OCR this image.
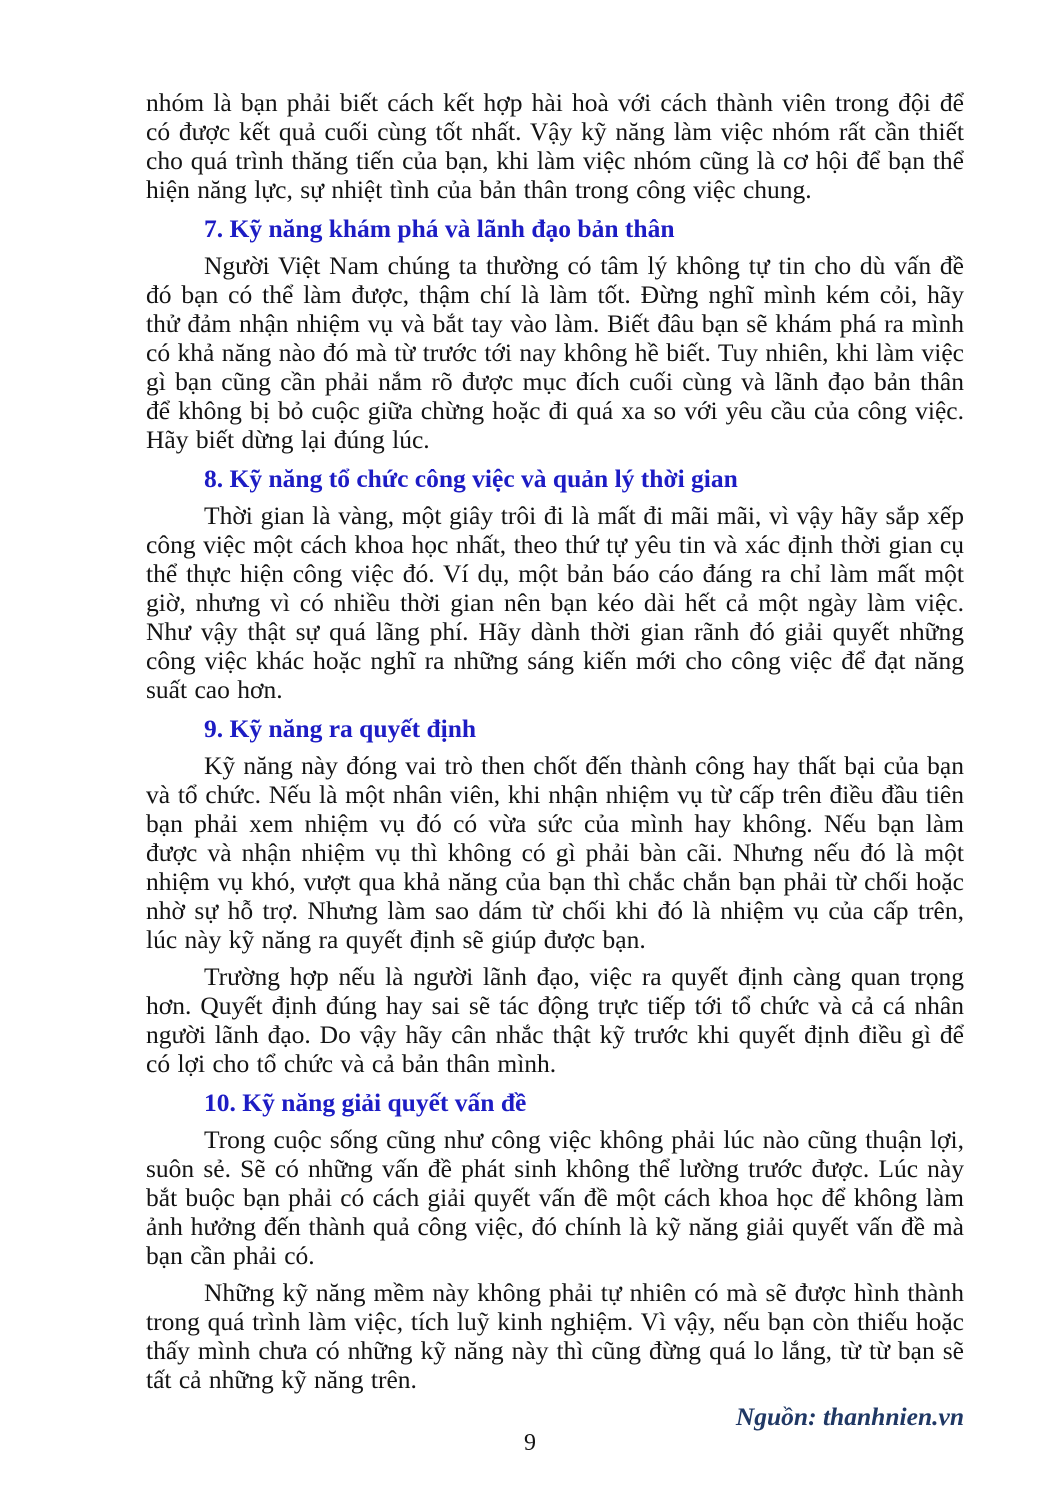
nhóm là bạn phải biết cách kết hợp hài hoà với cách thành viên trong đội để có được kết quả cuối cùng tốt nhất. Vậy kỹ năng làm việc nhóm rất cần thiết cho quá trình thăng tiến của bạn, khi làm việc nhóm cũng là cơ hội để bạn thể hiện năng lực, sự nhiệt tình của bản thân trong công việc chung.

7. Kỹ năng khám phá và lãnh đạo bản thân

Người Việt Nam chúng ta thường có tâm lý không tự tin cho dù vấn đề đó bạn có thể làm được, thậm chí là làm tốt. Đừng nghĩ mình kém cỏi, hãy thử đảm nhận nhiệm vụ và bắt tay vào làm. Biết đâu bạn sẽ khám phá ra mình có khả năng nào đó mà từ trước tới nay không hề biết. Tuy nhiên, khi làm việc gì bạn cũng cần phải nắm rõ được mục đích cuối cùng và lãnh đạo bản thân để không bị bỏ cuộc giữa chừng hoặc đi quá xa so với yêu cầu của công việc. Hãy biết dừng lại đúng lúc.

8. Kỹ năng tổ chức công việc và quản lý thời gian

Thời gian là vàng, một giây trôi đi là mất đi mãi mãi, vì vậy hãy sắp xếp công việc một cách khoa học nhất, theo thứ tự yêu tin và xác định thời gian cụ thể thực hiện công việc đó. Ví dụ, một bản báo cáo đáng ra chỉ làm mất một giờ, nhưng vì có nhiều thời gian nên bạn kéo dài hết cả một ngày làm việc. Như vậy thật sự quá lãng phí. Hãy dành thời gian rãnh đó giải quyết những công việc khác hoặc nghĩ ra những sáng kiến mới cho công việc để đạt năng suất cao hơn.

9. Kỹ năng ra quyết định

Kỹ năng này đóng vai trò then chốt đến thành công hay thất bại của bạn và tổ chức. Nếu là một nhân viên, khi nhận nhiệm vụ từ cấp trên điều đầu tiên bạn phải xem nhiệm vụ đó có vừa sức của mình hay không. Nếu bạn làm được và nhận nhiệm vụ thì không có gì phải bàn cãi. Nhưng nếu đó là một nhiệm vụ khó, vượt qua khả năng của bạn thì chắc chắn bạn phải từ chối hoặc nhờ sự hỗ trợ. Nhưng làm sao dám từ chối khi đó là nhiệm vụ của cấp trên, lúc này kỹ năng ra quyết định sẽ giúp được bạn.

Trường hợp nếu là người lãnh đạo, việc ra quyết định càng quan trọng hơn. Quyết định đúng hay sai sẽ tác động trực tiếp tới tổ chức và cả cá nhân người lãnh đạo. Do vậy hãy cân nhắc thật kỹ trước khi quyết định điều gì để có lợi cho tổ chức và cả bản thân mình.

10. Kỹ năng giải quyết vấn đề

Trong cuộc sống cũng như công việc không phải lúc nào cũng thuận lợi, suôn sẻ. Sẽ có những vấn đề phát sinh không thể lường trước được. Lúc này bắt buộc bạn phải có cách giải quyết vấn đề một cách khoa học để không làm ảnh hưởng đến thành quả công việc, đó chính là kỹ năng giải quyết vấn đề mà bạn cần phải có.

Những kỹ năng mềm này không phải tự nhiên có mà sẽ được hình thành trong quá trình làm việc, tích luỹ kinh nghiệm. Vì vậy, nếu bạn còn thiếu hoặc thấy mình chưa có những kỹ năng này thì cũng đừng quá lo lắng, từ từ bạn sẽ tất cả những kỹ năng trên.

Nguồn: thanhnien.vn
9
